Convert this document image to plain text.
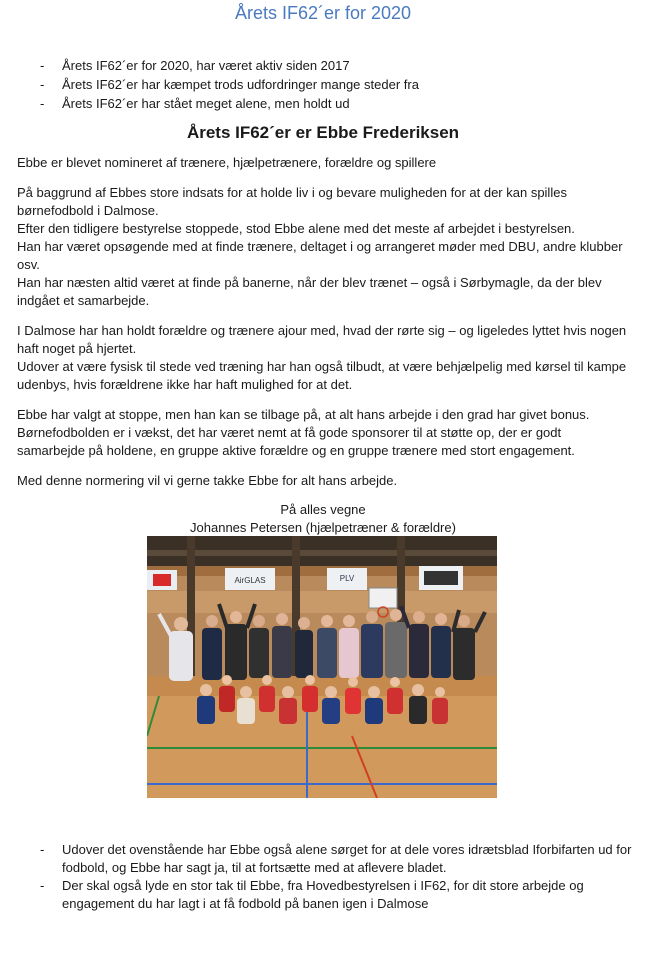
Årets IF62´er for 2020
- Årets IF62´er for 2020, har været aktiv siden 2017
- Årets IF62´er har kæmpet trods udfordringer mange steder fra
- Årets IF62´er har stået meget alene, men holdt ud
Årets IF62´er er Ebbe Frederiksen

Ebbe er blevet nomineret af trænere, hjælpetrænere, forældre og spillere

På baggrund af Ebbes store indsats for at holde liv i og bevare muligheden for at der kan spilles
børnefodbold i Dalmose.
Efter den tidligere bestyrelse stoppede, stod Ebbe alene med det meste af arbejdet i bestyrelsen.
Han har været opsøgende med at finde trænere, deltaget i og arrangeret møder med DBU, andre klubber
osv.
Han har næsten altid været at finde på banerne, når der blev trænet – også i Sørbymagle, da der blev
indgået et samarbejde.

I Dalmose har han holdt forældre og trænere ajour med, hvad der rørte sig – og ligeledes lyttet hvis nogen
haft noget på hjertet.
Udover at være fysisk til stede ved træning har han også tilbudt, at være behjælpelig med kørsel til kampe
udenbys, hvis forældrene ikke har haft mulighed for at det.

Ebbe har valgt at stoppe, men han kan se tilbage på, at alt hans arbejde i den grad har givet bonus.
Børnefodbolden er i vækst, det har været nemt at få gode sponsorer til at støtte op, der er godt
samarbejde på holdene, en gruppe aktive forældre og en gruppe trænere med stort engagement.

Med denne normering vil vi gerne takke Ebbe for alt hans arbejde.

På alles vegne
Johannes Petersen (hjælpetræner & forældre)
AirGLAS	PLV
- Udover det ovenstående har Ebbe også alene sørget for at dele vores idrætsblad Iforbifarten ud for
fodbold, og Ebbe har sagt ja, til at fortsætte med at aflevere bladet.
- Der skal også lyde en stor tak til Ebbe, fra Hovedbestyrelsen i IF62, for dit store arbejde og
engagement du har lagt i at få fodbold på banen igen i Dalmose
